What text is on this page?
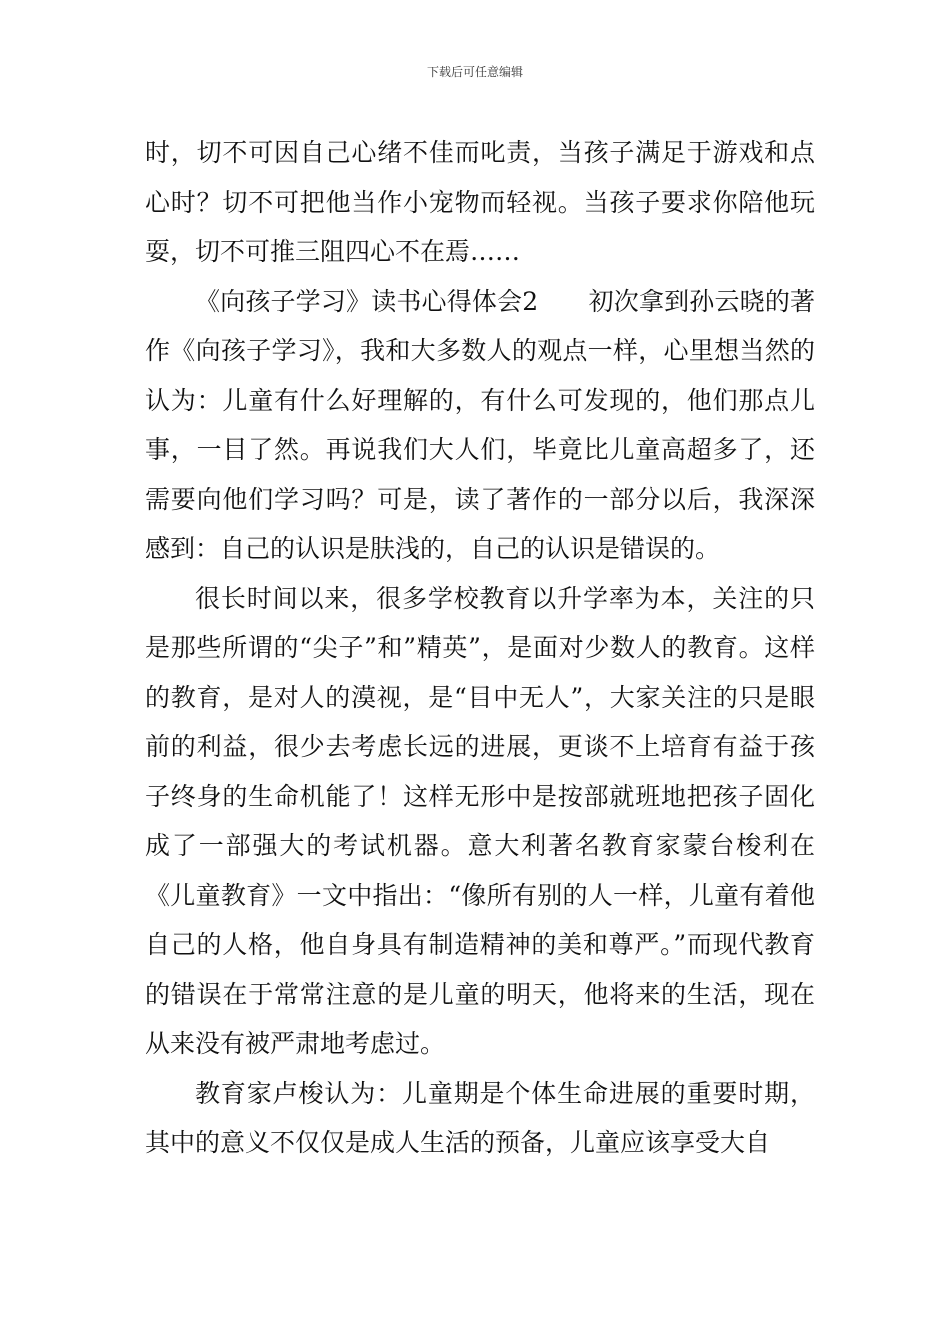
下载后可任意编辑

时，切不可因自己心绪不佳而叱责，当孩子满足于游戏和点心时？切不可把他当作小宠物而轻视。当孩子要求你陪他玩耍，切不可推三阻四心不在焉……

《向孩子学习》读书心得体会2　　初次拿到孙云晓的著作《向孩子学习》，我和大多数人的观点一样，心里想当然的认为：儿童有什么好理解的，有什么可发现的，他们那点儿事，一目了然。再说我们大人们，毕竟比儿童高超多了，还需要向他们学习吗？可是，读了著作的一部分以后，我深深感到：自己的认识是肤浅的，自己的认识是错误的。

很长时间以来，很多学校教育以升学率为本，关注的只是那些所谓的“尖子”和”精英”，是面对少数人的教育。这样的教育，是对人的漠视，是“目中无人”，大家关注的只是眼前的利益，很少去考虑长远的进展，更谈不上培育有益于孩子终身的生命机能了！这样无形中是按部就班地把孩子固化成了一部强大的考试机器。意大利著名教育家蒙台梭利在《儿童教育》一文中指出：“像所有别的人一样，儿童有着他自己的人格，他自身具有制造精神的美和尊严。”而现代教育的错误在于常常注意的是儿童的明天，他将来的生活，现在从来没有被严肃地考虑过。

教育家卢梭认为：儿童期是个体生命进展的重要时期，其中的意义不仅仅是成人生活的预备，儿童应该享受大自
